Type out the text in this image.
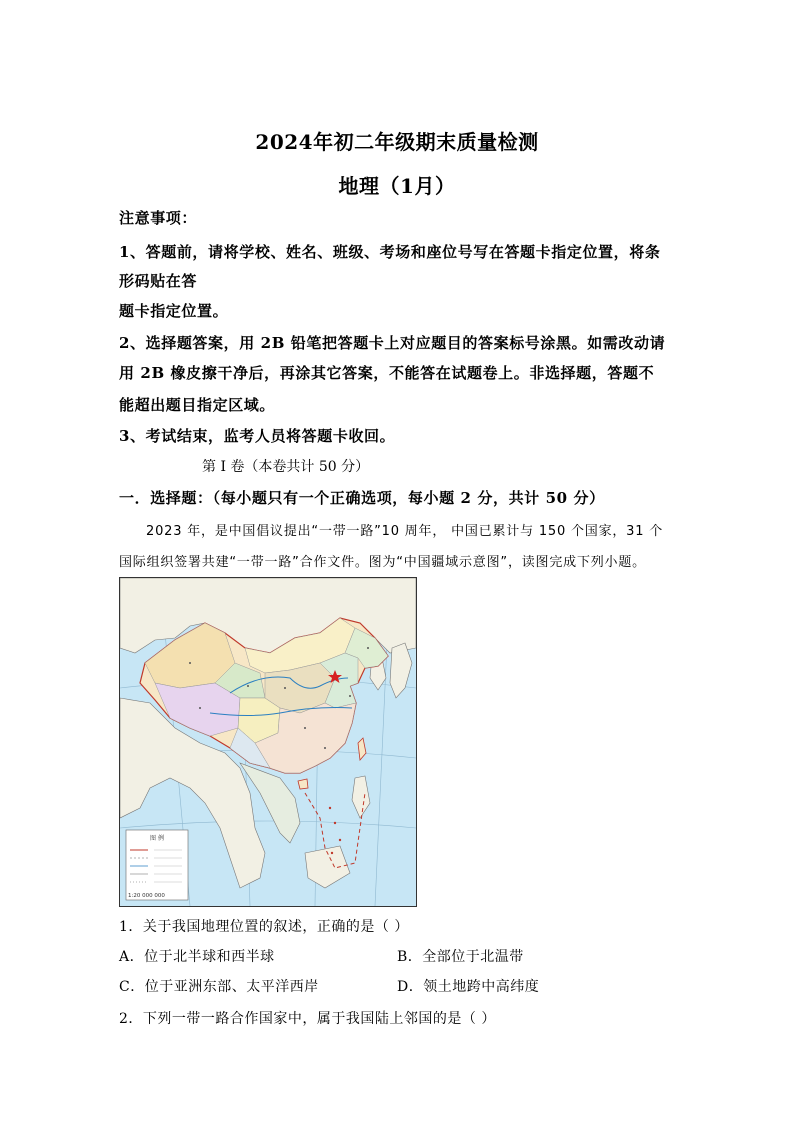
2024年初二年级期末质量检测
地理（1月）
注意事项：
1、答题前，请将学校、姓名、班级、考场和座位号写在答题卡指定位置，将条
形码贴在答
题卡指定位置。
2、选择题答案，用 2B 铅笔把答题卡上对应题目的答案标号涂黑。如需改动请
用 2B 橡皮擦干净后，再涂其它答案，不能答在试题卷上。非选择题，答题不
能超出题目指定区域。
3、考试结束，监考人员将答题卡收回。
第 I 卷（本卷共计 50 分）
一．选择题：（每小题只有一个正确选项，每小题 2 分，共计 50 分）
2023 年，是中国倡议提出“一带一路”10 周年， 中国已累计与 150 个国家，31 个
国际组织签署共建“一带一路”合作文件。图为“中国疆域示意图”，读图完成下列小题。
图 例
1:20 000 000
1．关于我国地理位置的叙述，正确的是（ ）
A．位于北半球和西半球	B．全部位于北温带
C．位于亚洲东部、太平洋西岸	D．领土地跨中高纬度
2．下列一带一路合作国家中，属于我国陆上邻国的是（ ）
